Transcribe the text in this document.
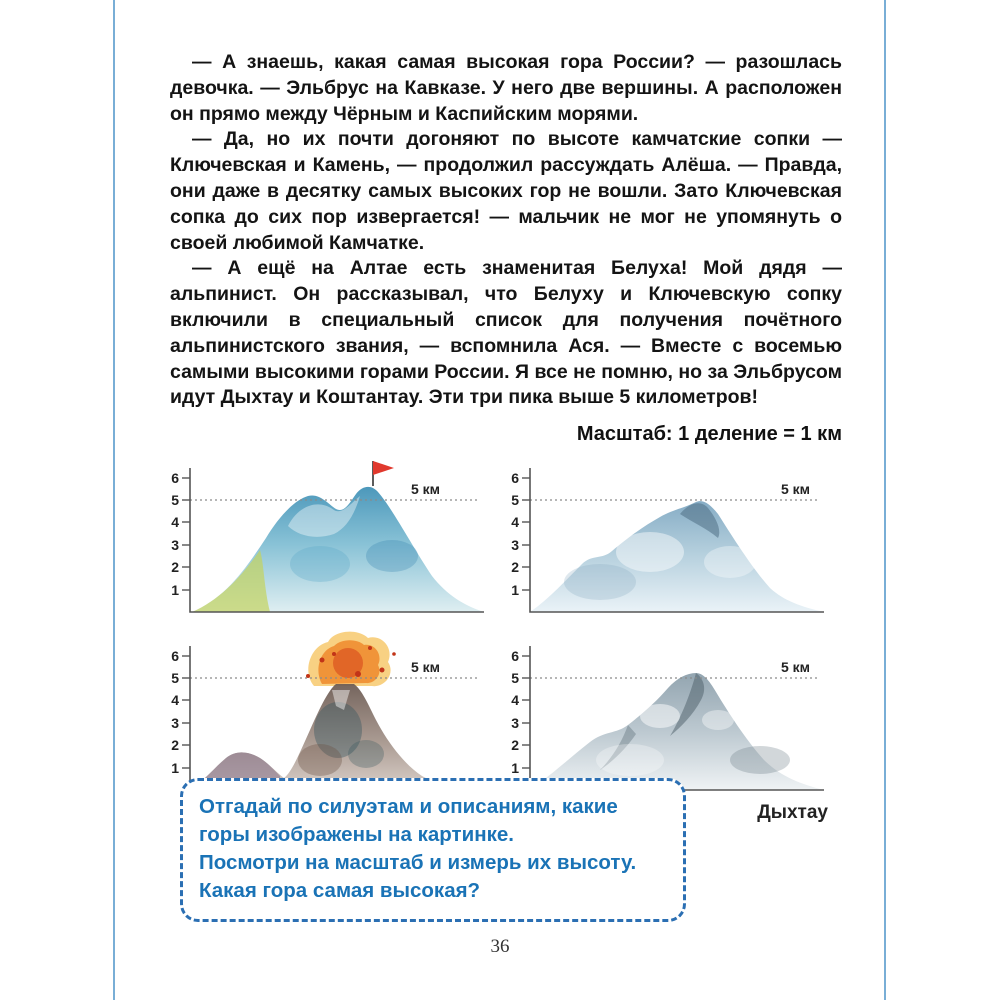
— А знаешь, какая самая высокая гора России? — разошлась девочка. — Эльбрус на Кавказе. У него две вершины. А расположен он прямо между Чёрным и Каспийским морями.

— Да, но их почти догоняют по высоте камчатские сопки — Ключевская и Камень, — продолжил рассуждать Алёша. — Правда, они даже в десятку самых высоких гор не вошли. Зато Ключевская сопка до сих пор извергается! — мальчик не мог не упомянуть о своей любимой Камчатке.

— А ещё на Алтае есть знаменитая Белуха! Мой дядя — альпинист. Он рассказывал, что Белуху и Ключевскую сопку включили в специальный список для получения почётного альпинистского звания, — вспомнила Ася. — Вместе с восемью самыми высокими горами России. Я все не помню, но за Эльбрусом идут Дыхтау и Коштантау. Эти три пика выше 5 километров!

Масштаб: 1 деление = 1 км
6
5
4
3
2
1
5 км
6
5
4
3
2
1
5 км
6
5
4
3
2
1
5 км
6
5
4
3
2
1
5 км
Дыхтау

Отгадай по силуэтам и описаниям, какие горы изображены на картинке.

Посмотри на масштаб и измерь их высоту.

Какая гора самая высокая?

36
